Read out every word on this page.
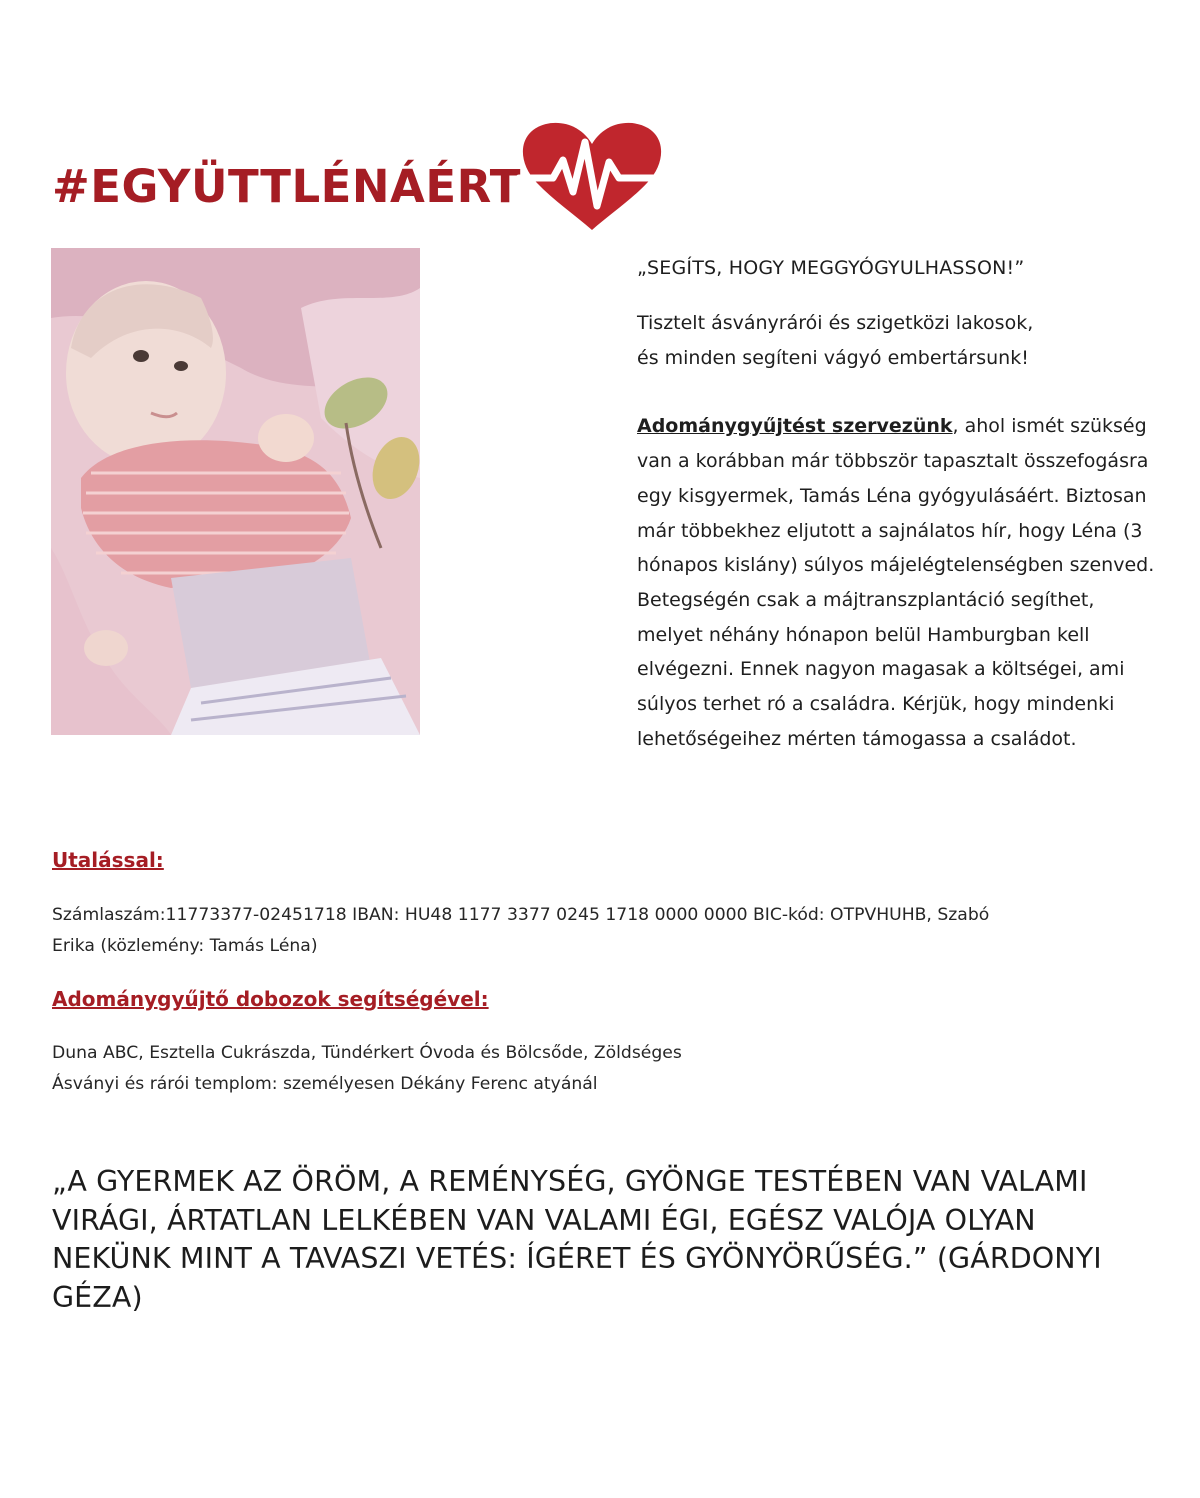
#EGYÜTTLÉNÁÉRT

„SEGÍTS, HOGY MEGGYÓGYULHASSON!”

Tisztelt ásványrárói és szigetközi lakosok,
és minden segíteni vágyó embertársunk!

Adománygyűjtést szervezünk, ahol ismét szükség van a korábban már többször tapasztalt összefogásra egy kisgyermek, Tamás Léna gyógyulásáért. Biztosan már többekhez eljutott a sajnálatos hír, hogy Léna (3 hónapos kislány) súlyos májelégtelenségben szenved. Betegségén csak a májtranszplantáció segíthet, melyet néhány hónapon belül Hamburgban kell elvégezni. Ennek nagyon magasak a költségei, ami súlyos terhet ró a családra. Kérjük, hogy mindenki lehetőségeihez mérten támogassa a családot.

Utalással:
Számlaszám:11773377-02451718 IBAN: HU48 1177 3377 0245 1718 0000 0000 BIC-kód: OTPVHUHB, Szabó
Erika (közlemény: Tamás Léna)
Adománygyűjtő dobozok segítségével:
Duna ABC, Esztella Cukrászda, Tündérkert Óvoda és Bölcsőde, Zöldséges
Ásványi és rárói templom: személyesen Dékány Ferenc atyánál

„A GYERMEK AZ ÖRÖM, A REMÉNYSÉG, GYÖNGE TESTÉBEN VAN VALAMI VIRÁGI, ÁRTATLAN LELKÉBEN VAN VALAMI ÉGI, EGÉSZ VALÓJA OLYAN NEKÜNK MINT A TAVASZI VETÉS: ÍGÉRET ÉS GYÖNYÖRŰSÉG.” (GÁRDONYI GÉZA)
